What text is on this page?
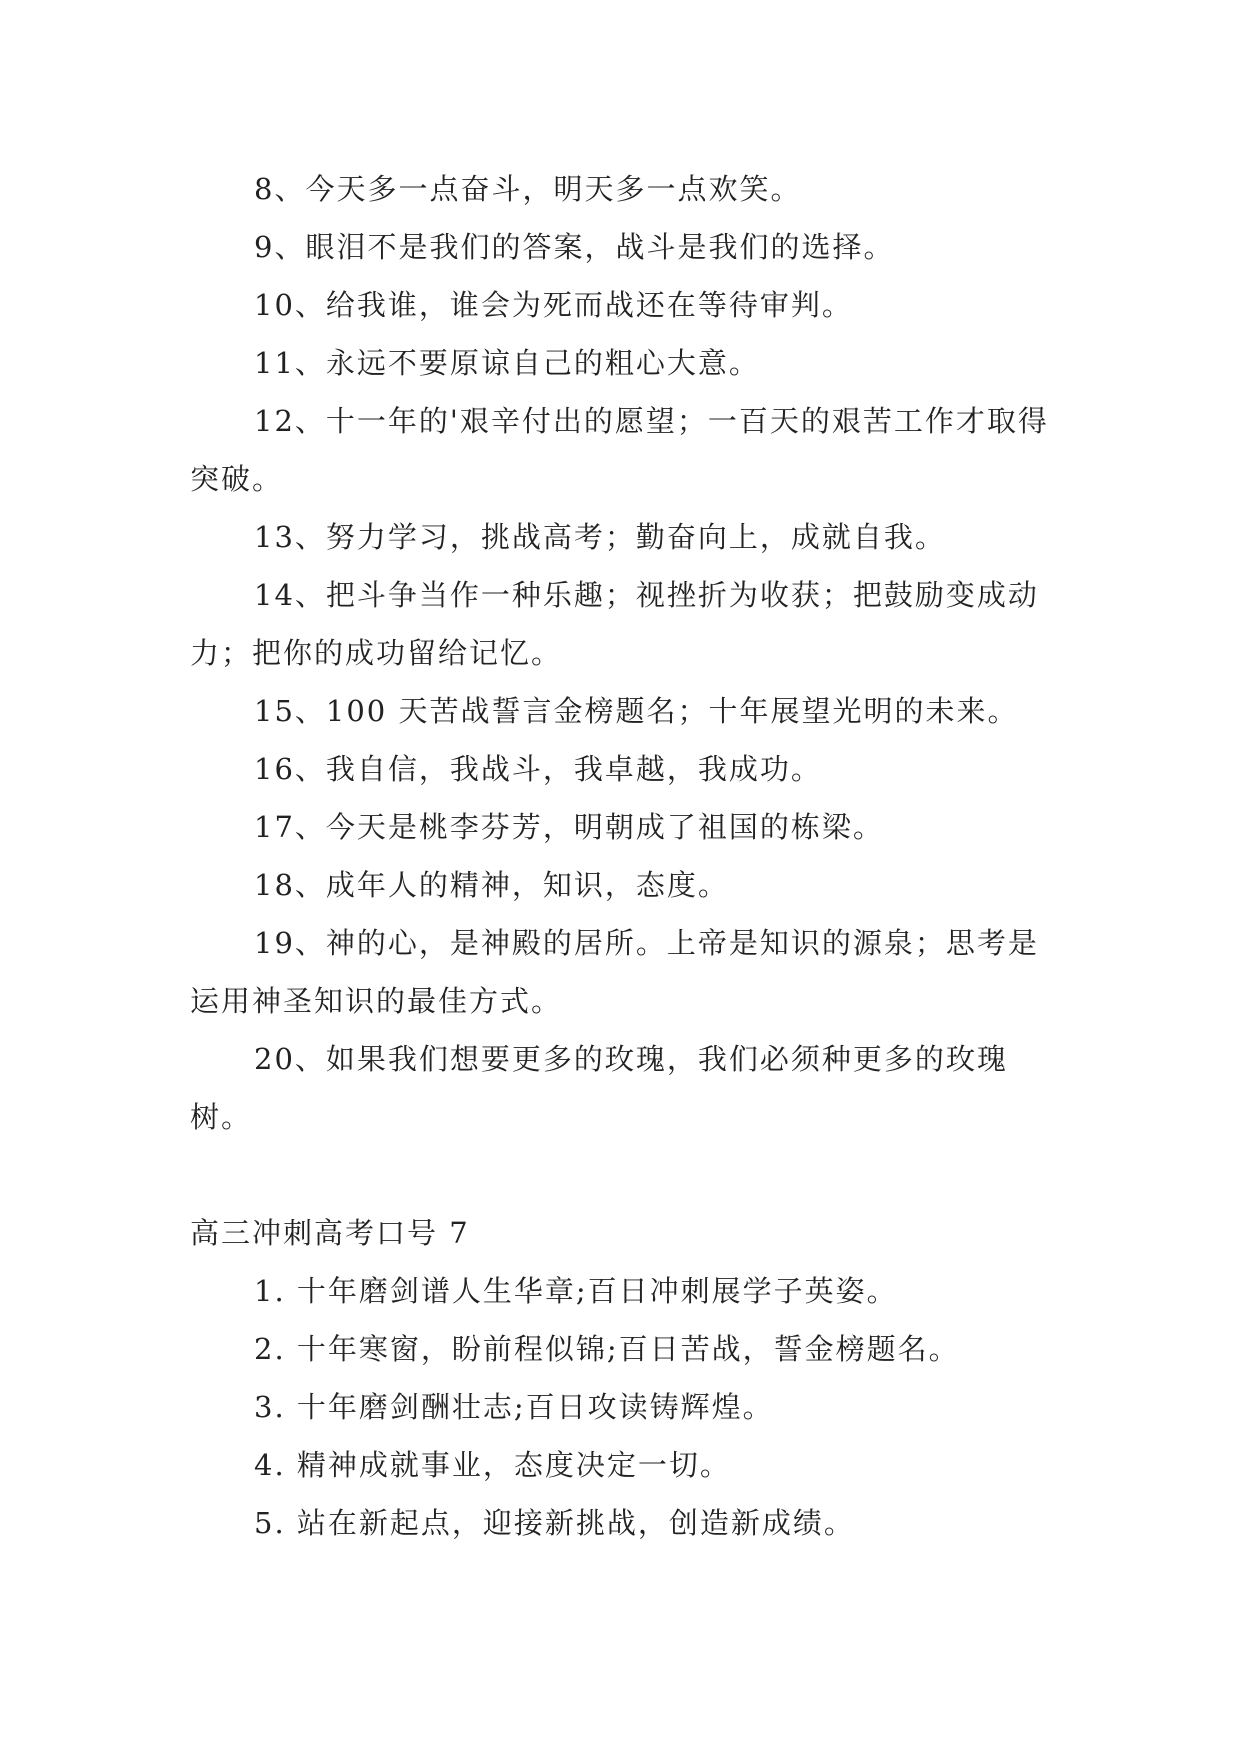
8、今天多一点奋斗，明天多一点欢笑。

9、眼泪不是我们的答案，战斗是我们的选择。

10、给我谁，谁会为死而战还在等待审判。

11、永远不要原谅自己的粗心大意。

12、十一年的'艰辛付出的愿望；一百天的艰苦工作才取得突破。

13、努力学习，挑战高考；勤奋向上，成就自我。

14、把斗争当作一种乐趣；视挫折为收获；把鼓励变成动力；把你的成功留给记忆。

15、100 天苦战誓言金榜题名；十年展望光明的未来。

16、我自信，我战斗，我卓越，我成功。

17、今天是桃李芬芳，明朝成了祖国的栋梁。

18、成年人的精神，知识，态度。

19、神的心，是神殿的居所。上帝是知识的源泉；思考是运用神圣知识的最佳方式。

20、如果我们想要更多的玫瑰，我们必须种更多的玫瑰树。

高三冲刺高考口号 7

1. 十年磨剑谱人生华章;百日冲刺展学子英姿。

2. 十年寒窗，盼前程似锦;百日苦战，誓金榜题名。

3. 十年磨剑酬壮志;百日攻读铸辉煌。

4. 精神成就事业，态度决定一切。

5. 站在新起点，迎接新挑战，创造新成绩。
